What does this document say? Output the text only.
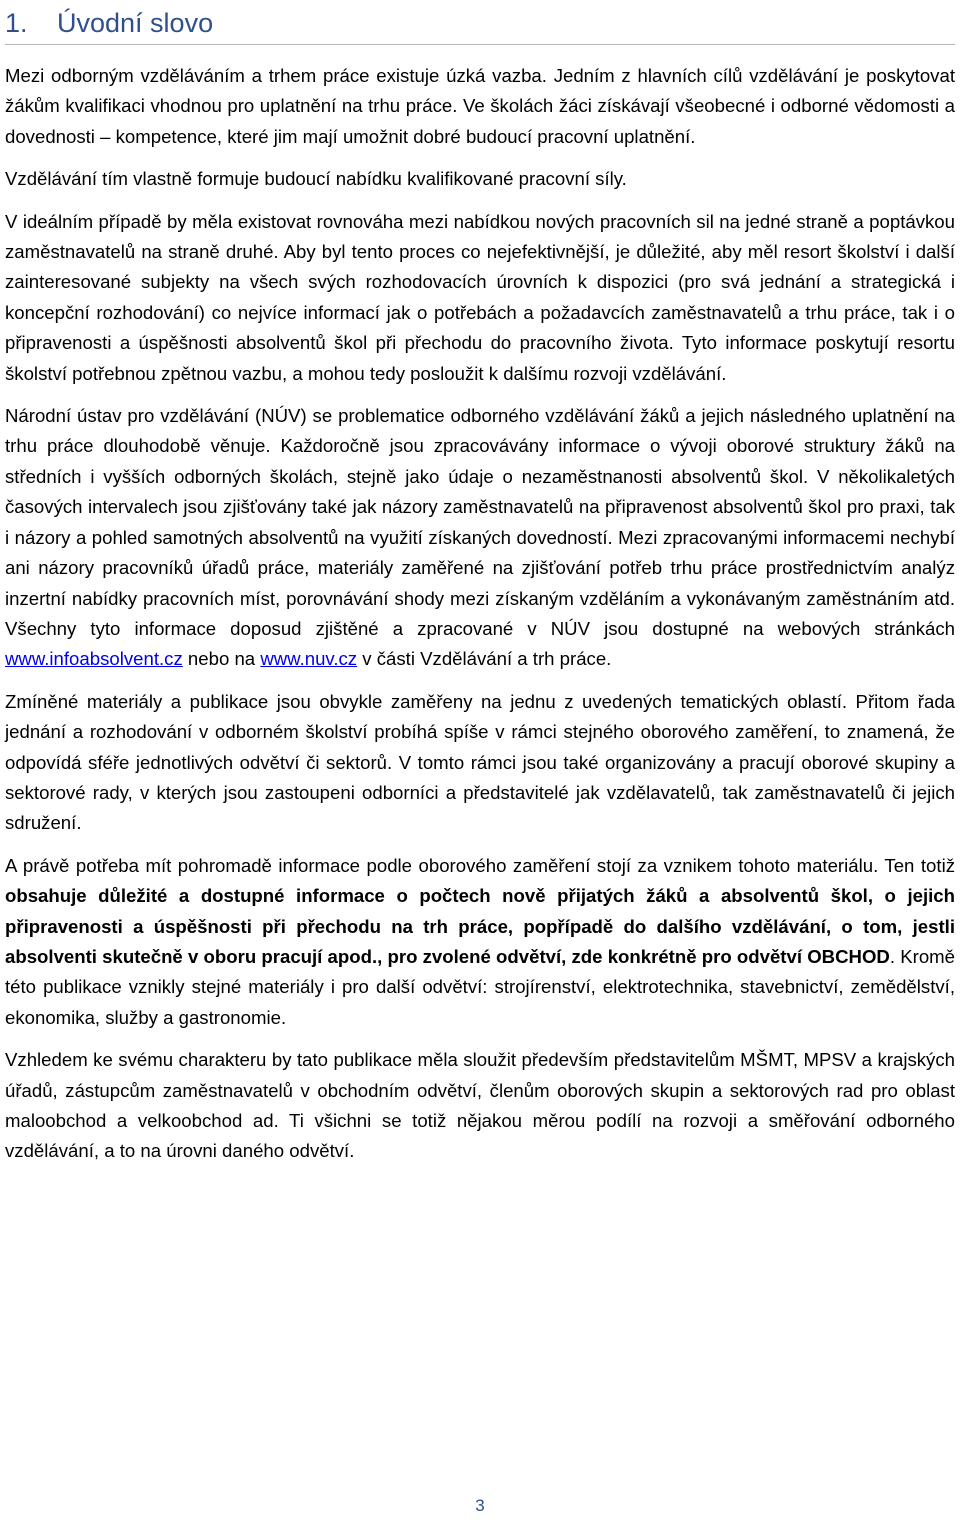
1.	Úvodní slovo

Mezi odborným vzděláváním a trhem práce existuje úzká vazba. Jedním z hlavních cílů vzdělávání je poskytovat žákům kvalifikaci vhodnou pro uplatnění na trhu práce. Ve školách žáci získávají všeobecné i odborné vědomosti a dovednosti – kompetence, které jim mají umožnit dobré budoucí pracovní uplatnění.

Vzdělávání tím vlastně formuje budoucí nabídku kvalifikované pracovní síly.

V ideálním případě by měla existovat rovnováha mezi nabídkou nových pracovních sil na jedné straně a poptávkou zaměstnavatelů na straně druhé. Aby byl tento proces co nejefektivnější, je důležité, aby měl resort školství i další zainteresované subjekty na všech svých rozhodovacích úrovních k dispozici (pro svá jednání a strategická i koncepční rozhodování) co nejvíce informací jak o potřebách a požadavcích zaměstnavatelů a trhu práce, tak i o připravenosti a úspěšnosti absolventů škol při přechodu do pracovního života. Tyto informace poskytují resortu školství potřebnou zpětnou vazbu, a mohou tedy posloužit k dalšímu rozvoji vzdělávání.

Národní ústav pro vzdělávání (NÚV) se problematice odborného vzdělávání žáků a jejich následného uplatnění na trhu práce dlouhodobě věnuje. Každoročně jsou zpracovávány informace o vývoji oborové struktury žáků na středních i vyšších odborných školách, stejně jako údaje o nezaměstnanosti absolventů škol. V několikaletých časových intervalech jsou zjišťovány také jak názory zaměstnavatelů na připravenost absolventů škol pro praxi, tak i názory a pohled samotných absolventů na využití získaných dovedností. Mezi zpracovanými informacemi nechybí ani názory pracovníků úřadů práce, materiály zaměřené na zjišťování potřeb trhu práce prostřednictvím analýz inzertní nabídky pracovních míst, porovnávání shody mezi získaným vzděláním a vykonávaným zaměstnáním atd. Všechny tyto informace doposud zjištěné a zpracované v NÚV jsou dostupné na webových stránkách www.infoabsolvent.cz nebo na www.nuv.cz v části Vzdělávání a trh práce.

Zmíněné materiály a publikace jsou obvykle zaměřeny na jednu z uvedených tematických oblastí. Přitom řada jednání a rozhodování v odborném školství probíhá spíše v rámci stejného oborového zaměření, to znamená, že odpovídá sféře jednotlivých odvětví či sektorů. V tomto rámci jsou také organizovány a pracují oborové skupiny a sektorové rady, v kterých jsou zastoupeni odborníci a představitelé jak vzdělavatelů, tak zaměstnavatelů či jejich sdružení.

A právě potřeba mít pohromadě informace podle oborového zaměření stojí za vznikem tohoto materiálu. Ten totiž obsahuje důležité a dostupné informace o počtech nově přijatých žáků a absolventů škol, o jejich připravenosti a úspěšnosti při přechodu na trh práce, popřípadě do dalšího vzdělávání, o tom, jestli absolventi skutečně v oboru pracují apod., pro zvolené odvětví, zde konkrétně pro odvětví OBCHOD. Kromě této publikace vznikly stejné materiály i pro další odvětví: strojírenství, elektrotechnika, stavebnictví, zemědělství, ekonomika, služby a gastronomie.

Vzhledem ke svému charakteru by tato publikace měla sloužit především představitelům MŠMT, MPSV a krajských úřadů, zástupcům zaměstnavatelů v obchodním odvětví, členům oborových skupin a sektorových rad pro oblast maloobchod a velkoobchod ad. Ti všichni se totiž nějakou měrou podílí na rozvoji a směřování odborného vzdělávání, a to na úrovni daného odvětví.

3
